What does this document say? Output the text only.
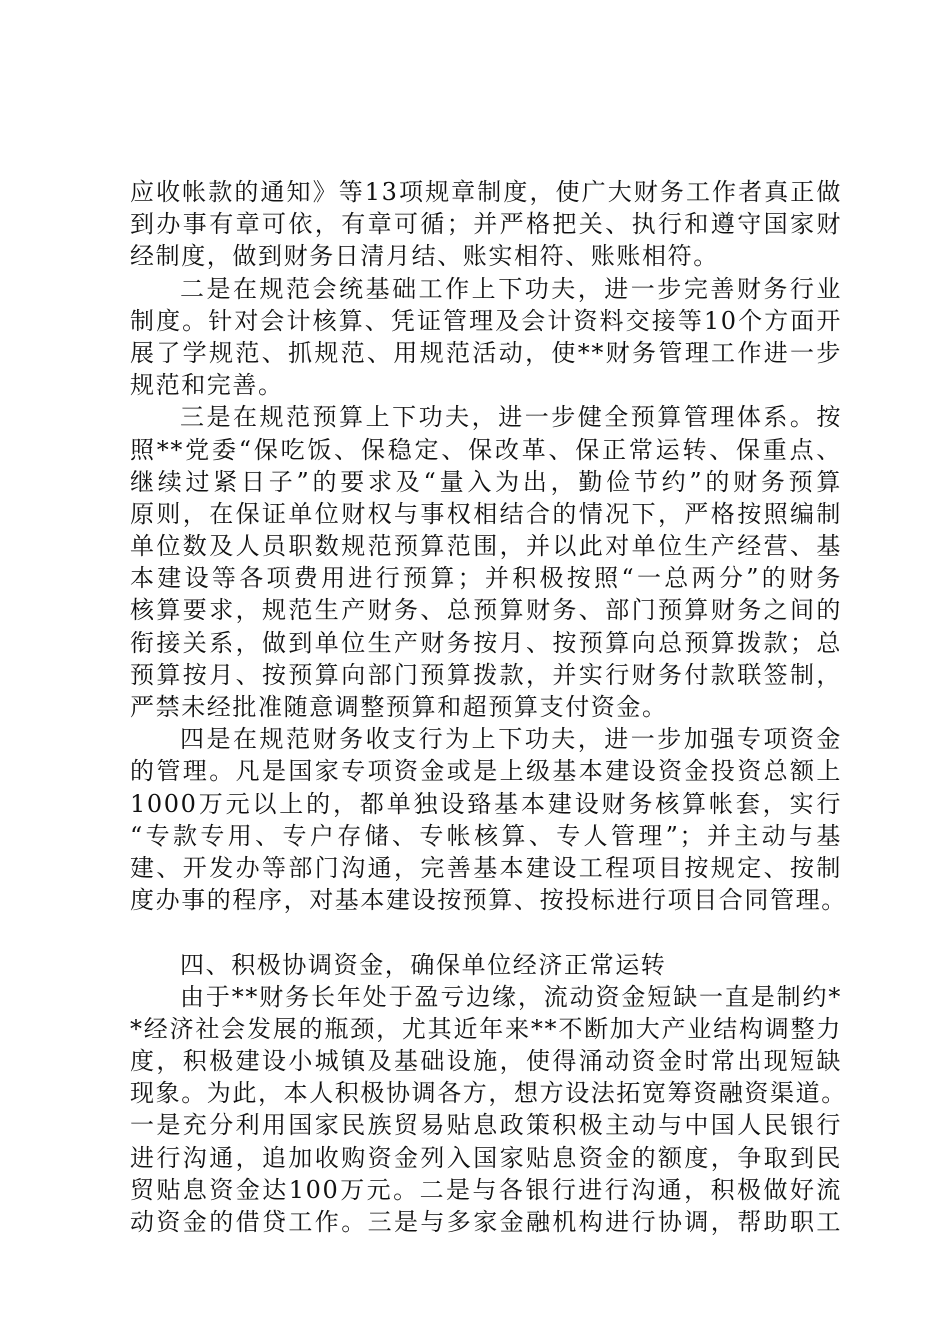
应收帐款的通知》等13项规章制度，使广大财务工作者真正做
到办事有章可依，有章可循；并严格把关、执行和遵守国家财
经制度，做到财务日清月结、账实相符、账账相符。
二是在规范会统基础工作上下功夫，进一步完善财务行业
制度。针对会计核算、凭证管理及会计资料交接等10个方面开
展了学规范、抓规范、用规范活动，使**财务管理工作进一步
规范和完善。
三是在规范预算上下功夫，进一步健全预算管理体系。按
照**党委“保吃饭、保稳定、保改革、保正常运转、保重点、
继续过紧日子”的要求及“量入为出，勤俭节约”的财务预算
原则，在保证单位财权与事权相结合的情况下，严格按照编制
单位数及人员职数规范预算范围，并以此对单位生产经营、基
本建设等各项费用进行预算；并积极按照“一总两分”的财务
核算要求，规范生产财务、总预算财务、部门预算财务之间的
衔接关系，做到单位生产财务按月、按预算向总预算拨款；总
预算按月、按预算向部门预算拨款，并实行财务付款联签制，
严禁未经批准随意调整预算和超预算支付资金。
四是在规范财务收支行为上下功夫，进一步加强专项资金
的管理。凡是国家专项资金或是上级基本建设资金投资总额上
1000万元以上的，都单独设臵基本建设财务核算帐套，实行
“专款专用、专户存储、专帐核算、专人管理”；并主动与基
建、开发办等部门沟通，完善基本建设工程项目按规定、按制
度办事的程序，对基本建设按预算、按投标进行项目合同管理。
四、积极协调资金，确保单位经济正常运转
由于**财务长年处于盈亏边缘，流动资金短缺一直是制约*
*经济社会发展的瓶颈，尤其近年来**不断加大产业结构调整力
度，积极建设小城镇及基础设施，使得涌动资金时常出现短缺
现象。为此，本人积极协调各方，想方设法拓宽筹资融资渠道。
一是充分利用国家民族贸易贴息政策积极主动与中国人民银行
进行沟通，追加收购资金列入国家贴息资金的额度，争取到民
贸贴息资金达100万元。二是与各银行进行沟通，积极做好流
动资金的借贷工作。三是与多家金融机构进行协调，帮助职工
